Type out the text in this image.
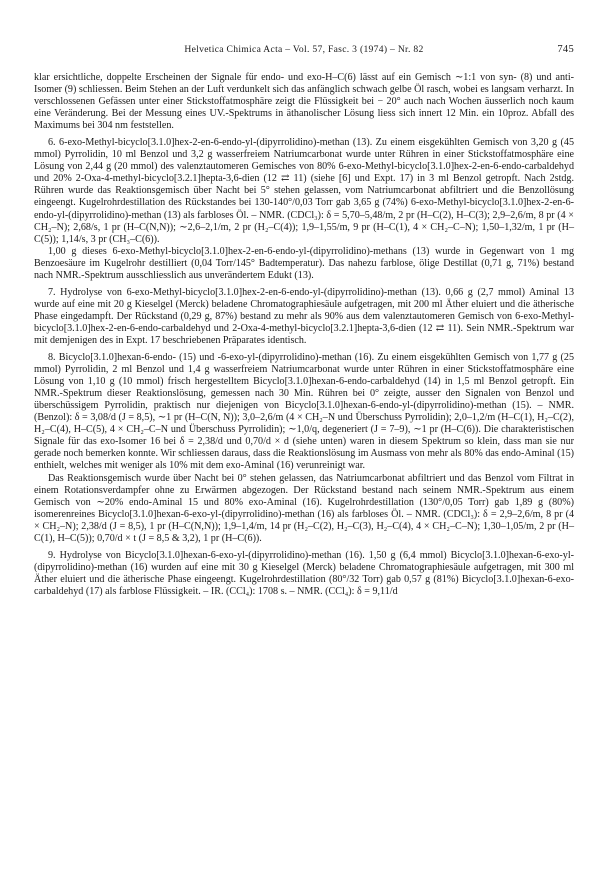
Helvetica Chimica Acta – Vol. 57, Fasc. 3 (1974) – Nr. 82	745

klar ersichtliche, doppelte Erscheinen der Signale für endo- und exo-H–C(6) lässt auf ein Gemisch ∼1:1 von syn- (8) und anti-Isomer (9) schliessen. Beim Stehen an der Luft verdunkelt sich das anfänglich schwach gelbe Öl rasch, wobei es langsam verharzt. In verschlossenen Gefässen unter einer Stickstoffatmosphäre zeigt die Flüssigkeit bei − 20° auch nach Wochen äusserlich noch kaum eine Veränderung. Bei der Messung eines UV.-Spektrums in äthanolischer Lösung liess sich innert 12 Min. ein 10proz. Abfall des Maximums bei 304 nm feststellen.

6. 6-exo-Methyl-bicyclo[3.1.0]hex-2-en-6-endo-yl-(dipyrrolidino)-methan (13). Zu einem eisgekühlten Gemisch von 3,20 g (45 mmol) Pyrrolidin, 10 ml Benzol und 3,2 g wasserfreiem Natriumcarbonat wurde unter Rühren in einer Stickstoffatmosphäre eine Lösung von 2,44 g (20 mmol) des valenztautomeren Gemisches von 80% 6-exo-Methyl-bicyclo[3.1.0]hex-2-en-6-endo-carbaldehyd und 20% 2-Oxa-4-methyl-bicyclo[3.2.1]hepta-3,6-dien (12 ⇄ 11) (siehe [6] und Expt. 17) in 3 ml Benzol getropft. Nach 2stdg. Rühren wurde das Reaktionsgemisch über Nacht bei 5° stehen gelassen, vom Natriumcarbonat abfiltriert und die Benzollösung eingeengt. Kugelrohrdestillation des Rückstandes bei 130-140°/0,03 Torr gab 3,65 g (74%) 6-exo-Methyl-bicyclo[3.1.0]hex-2-en-6-endo-yl-(dipyrrolidino)-methan (13) als farbloses Öl. – NMR. (CDCl₃): δ = 5,70–5,48/m, 2 pr (H–C(2), H–C(3); 2,9–2,6/m, 8 pr (4 × CH₂–N); 2,68/s, 1 pr (H–C(N,N)); ∼2,6–2,1/m, 2 pr (H₂–C(4)); 1,9–1,55/m, 9 pr (H–C(1), 4 × CH₂–C–N); 1,50–1,32/m, 1 pr (H–C(5)); 1,14/s, 3 pr (CH₃–C(6)).

1,00 g dieses 6-exo-Methyl-bicyclo[3.1.0]hex-2-en-6-endo-yl-(dipyrrolidino)-methans (13) wurde in Gegenwart von 1 mg Benzoesäure im Kugelrohr destilliert (0,04 Torr/145° Badtemperatur). Das nahezu farblose, ölige Destillat (0,71 g, 71%) bestand nach NMR.-Spektrum ausschliesslich aus unverändertem Edukt (13).

7. Hydrolyse von 6-exo-Methyl-bicyclo[3.1.0]hex-2-en-6-endo-yl-(dipyrrolidino)-methan (13). 0,66 g (2,7 mmol) Aminal 13 wurde auf eine mit 20 g Kieselgel (Merck) beladene Chromatographiesäule aufgetragen, mit 200 ml Äther eluiert und die ätherische Phase eingedampft. Der Rückstand (0,29 g, 87%) bestand zu mehr als 90% aus dem valenztautomeren Gemisch von 6-exo-Methyl-bicyclo[3.1.0]hex-2-en-6-endo-carbaldehyd und 2-Oxa-4-methyl-bicyclo[3.2.1]hepta-3,6-dien (12 ⇄ 11). Sein NMR.-Spektrum war mit demjenigen des in Expt. 17 beschriebenen Präparates identisch.

8. Bicyclo[3.1.0]hexan-6-endo- (15) und -6-exo-yl-(dipyrrolidino)-methan (16). Zu einem eisgekühlten Gemisch von 1,77 g (25 mmol) Pyrrolidin, 2 ml Benzol und 1,4 g wasserfreiem Natriumcarbonat wurde unter Rühren in einer Stickstoffatmosphäre eine Lösung von 1,10 g (10 mmol) frisch hergestelltem Bicyclo[3.1.0]hexan-6-endo-carbaldehyd (14) in 1,5 ml Benzol getropft. Ein NMR.-Spektrum dieser Reaktionslösung, gemessen nach 30 Min. Rühren bei 0° zeigte, ausser den Signalen von Benzol und überschüssigem Pyrrolidin, praktisch nur diejenigen von Bicyclo[3.1.0]hexan-6-endo-yl-(dipyrrolidino)-methan (15). – NMR. (Benzol): δ = 3,08/d (J = 8,5), ∼1 pr (H–C(N, N)); 3,0–2,6/m (4 × CH₂–N und Überschuss Pyrrolidin); 2,0–1,2/m (H–C(1), H₂–C(2), H₂–C(4), H–C(5), 4 × CH₂–C–N und Überschuss Pyrrolidin); ∼1,0/q, degeneriert (J = 7–9), ∼1 pr (H–C(6)). Die charakteristischen Signale für das exo-Isomer 16 bei δ = 2,38/d und 0,70/d × d (siehe unten) waren in diesem Spektrum so klein, dass man sie nur gerade noch bemerken konnte. Wir schliessen daraus, dass die Reaktionslösung im Ausmass von mehr als 80% das endo-Aminal (15) enthielt, welches mit weniger als 10% mit dem exo-Aminal (16) verunreinigt war.

Das Reaktionsgemisch wurde über Nacht bei 0° stehen gelassen, das Natriumcarbonat abfiltriert und das Benzol vom Filtrat in einem Rotationsverdampfer ohne zu Erwärmen abgezogen. Der Rückstand bestand nach seinem NMR.-Spektrum aus einem Gemisch von ∼20% endo-Aminal 15 und 80% exo-Aminal (16). Kugelrohrdestillation (130°/0,05 Torr) gab 1,89 g (80%) isomerenreines Bicyclo[3.1.0]hexan-6-exo-yl-(dipyrrolidino)-methan (16) als farbloses Öl. – NMR. (CDCl₃): δ = 2,9–2,6/m, 8 pr (4 × CH₂–N); 2,38/d (J = 8,5), 1 pr (H–C(N,N)); 1,9–1,4/m, 14 pr (H₂–C(2), H₂–C(3), H₂–C(4), 4 × CH₂–C–N); 1,30–1,05/m, 2 pr (H–C(1), H–C(5)); 0,70/d × t (J = 8,5 & 3,2), 1 pr (H–C(6)).

9. Hydrolyse von Bicyclo[3.1.0]hexan-6-exo-yl-(dipyrrolidino)-methan (16). 1,50 g (6,4 mmol) Bicyclo[3.1.0]hexan-6-exo-yl-(dipyrrolidino)-methan (16) wurden auf eine mit 30 g Kieselgel (Merck) beladene Chromatographiesäule aufgetragen, mit 300 ml Äther eluiert und die ätherische Phase eingeengt. Kugelrohrdestillation (80°/32 Torr) gab 0,57 g (81%) Bicyclo[3.1.0]hexan-6-exo-carbaldehyd (17) als farblose Flüssigkeit. – IR. (CCl₄): 1708 s. – NMR. (CCl₄): δ = 9,11/d
